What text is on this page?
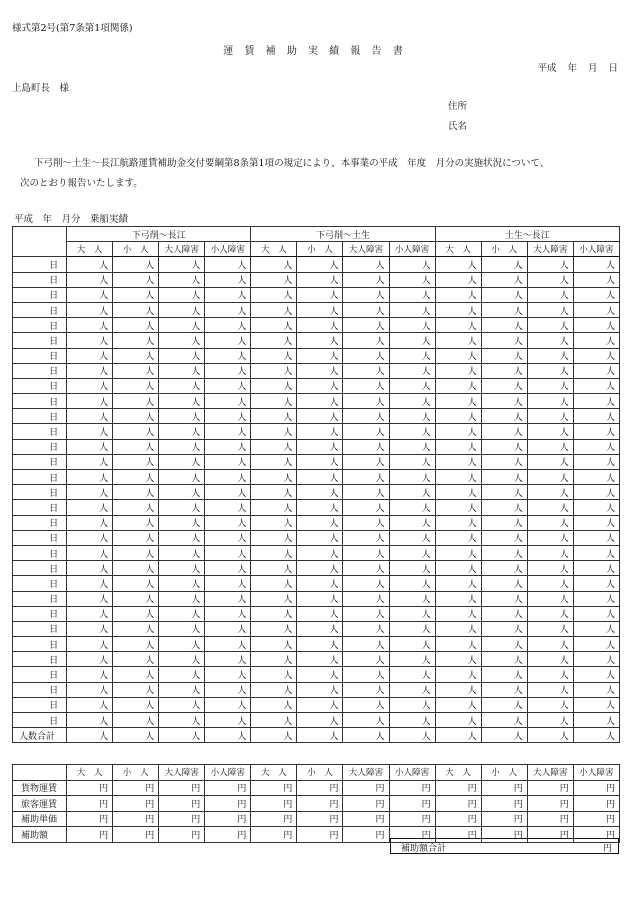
様式第2号(第7条第1項関係)
運 賃 補 助 実 績 報 告 書
平成 年 月 日
上島町長　様
住所
氏名
下弓削～土生～長江航路運賃補助金交付要綱第8条第1項の規定により、本事業の平成　年度　月分の実施状況について、
次のとおり報告いたします。
平成　年　月分　乗船実績
	下弓削～長江				下弓削～土生				土生～長江			
	大　人	小　人	大人障害	小人障害	大　人	小　人	大人障害	小人障害	大　人	小　人	大人障害	小人障害
日	人	人	人	人	人	人	人	人	人	人	人	人
日	人	人	人	人	人	人	人	人	人	人	人	人
日	人	人	人	人	人	人	人	人	人	人	人	人
日	人	人	人	人	人	人	人	人	人	人	人	人
日	人	人	人	人	人	人	人	人	人	人	人	人
日	人	人	人	人	人	人	人	人	人	人	人	人
日	人	人	人	人	人	人	人	人	人	人	人	人
日	人	人	人	人	人	人	人	人	人	人	人	人
日	人	人	人	人	人	人	人	人	人	人	人	人
日	人	人	人	人	人	人	人	人	人	人	人	人
日	人	人	人	人	人	人	人	人	人	人	人	人
日	人	人	人	人	人	人	人	人	人	人	人	人
日	人	人	人	人	人	人	人	人	人	人	人	人
日	人	人	人	人	人	人	人	人	人	人	人	人
日	人	人	人	人	人	人	人	人	人	人	人	人
日	人	人	人	人	人	人	人	人	人	人	人	人
日	人	人	人	人	人	人	人	人	人	人	人	人
日	人	人	人	人	人	人	人	人	人	人	人	人
日	人	人	人	人	人	人	人	人	人	人	人	人
日	人	人	人	人	人	人	人	人	人	人	人	人
日	人	人	人	人	人	人	人	人	人	人	人	人
日	人	人	人	人	人	人	人	人	人	人	人	人
日	人	人	人	人	人	人	人	人	人	人	人	人
日	人	人	人	人	人	人	人	人	人	人	人	人
日	人	人	人	人	人	人	人	人	人	人	人	人
日	人	人	人	人	人	人	人	人	人	人	人	人
日	人	人	人	人	人	人	人	人	人	人	人	人
日	人	人	人	人	人	人	人	人	人	人	人	人
日	人	人	人	人	人	人	人	人	人	人	人	人
日	人	人	人	人	人	人	人	人	人	人	人	人
日	人	人	人	人	人	人	人	人	人	人	人	人
人数合計	人	人	人	人	人	人	人	人	人	人	人	人
	大　人	小　人	大人障害	小人障害	大　人	小　人	大人障害	小人障害	大　人	小　人	大人障害	小人障害
貨物運賃	円	円	円	円	円	円	円	円	円	円	円	円
旅客運賃	円	円	円	円	円	円	円	円	円	円	円	円
補助単価	円	円	円	円	円	円	円	円	円	円	円	円
補助額	円	円	円	円	円	円	円	円	円	円	円	円
補助額合計	円
